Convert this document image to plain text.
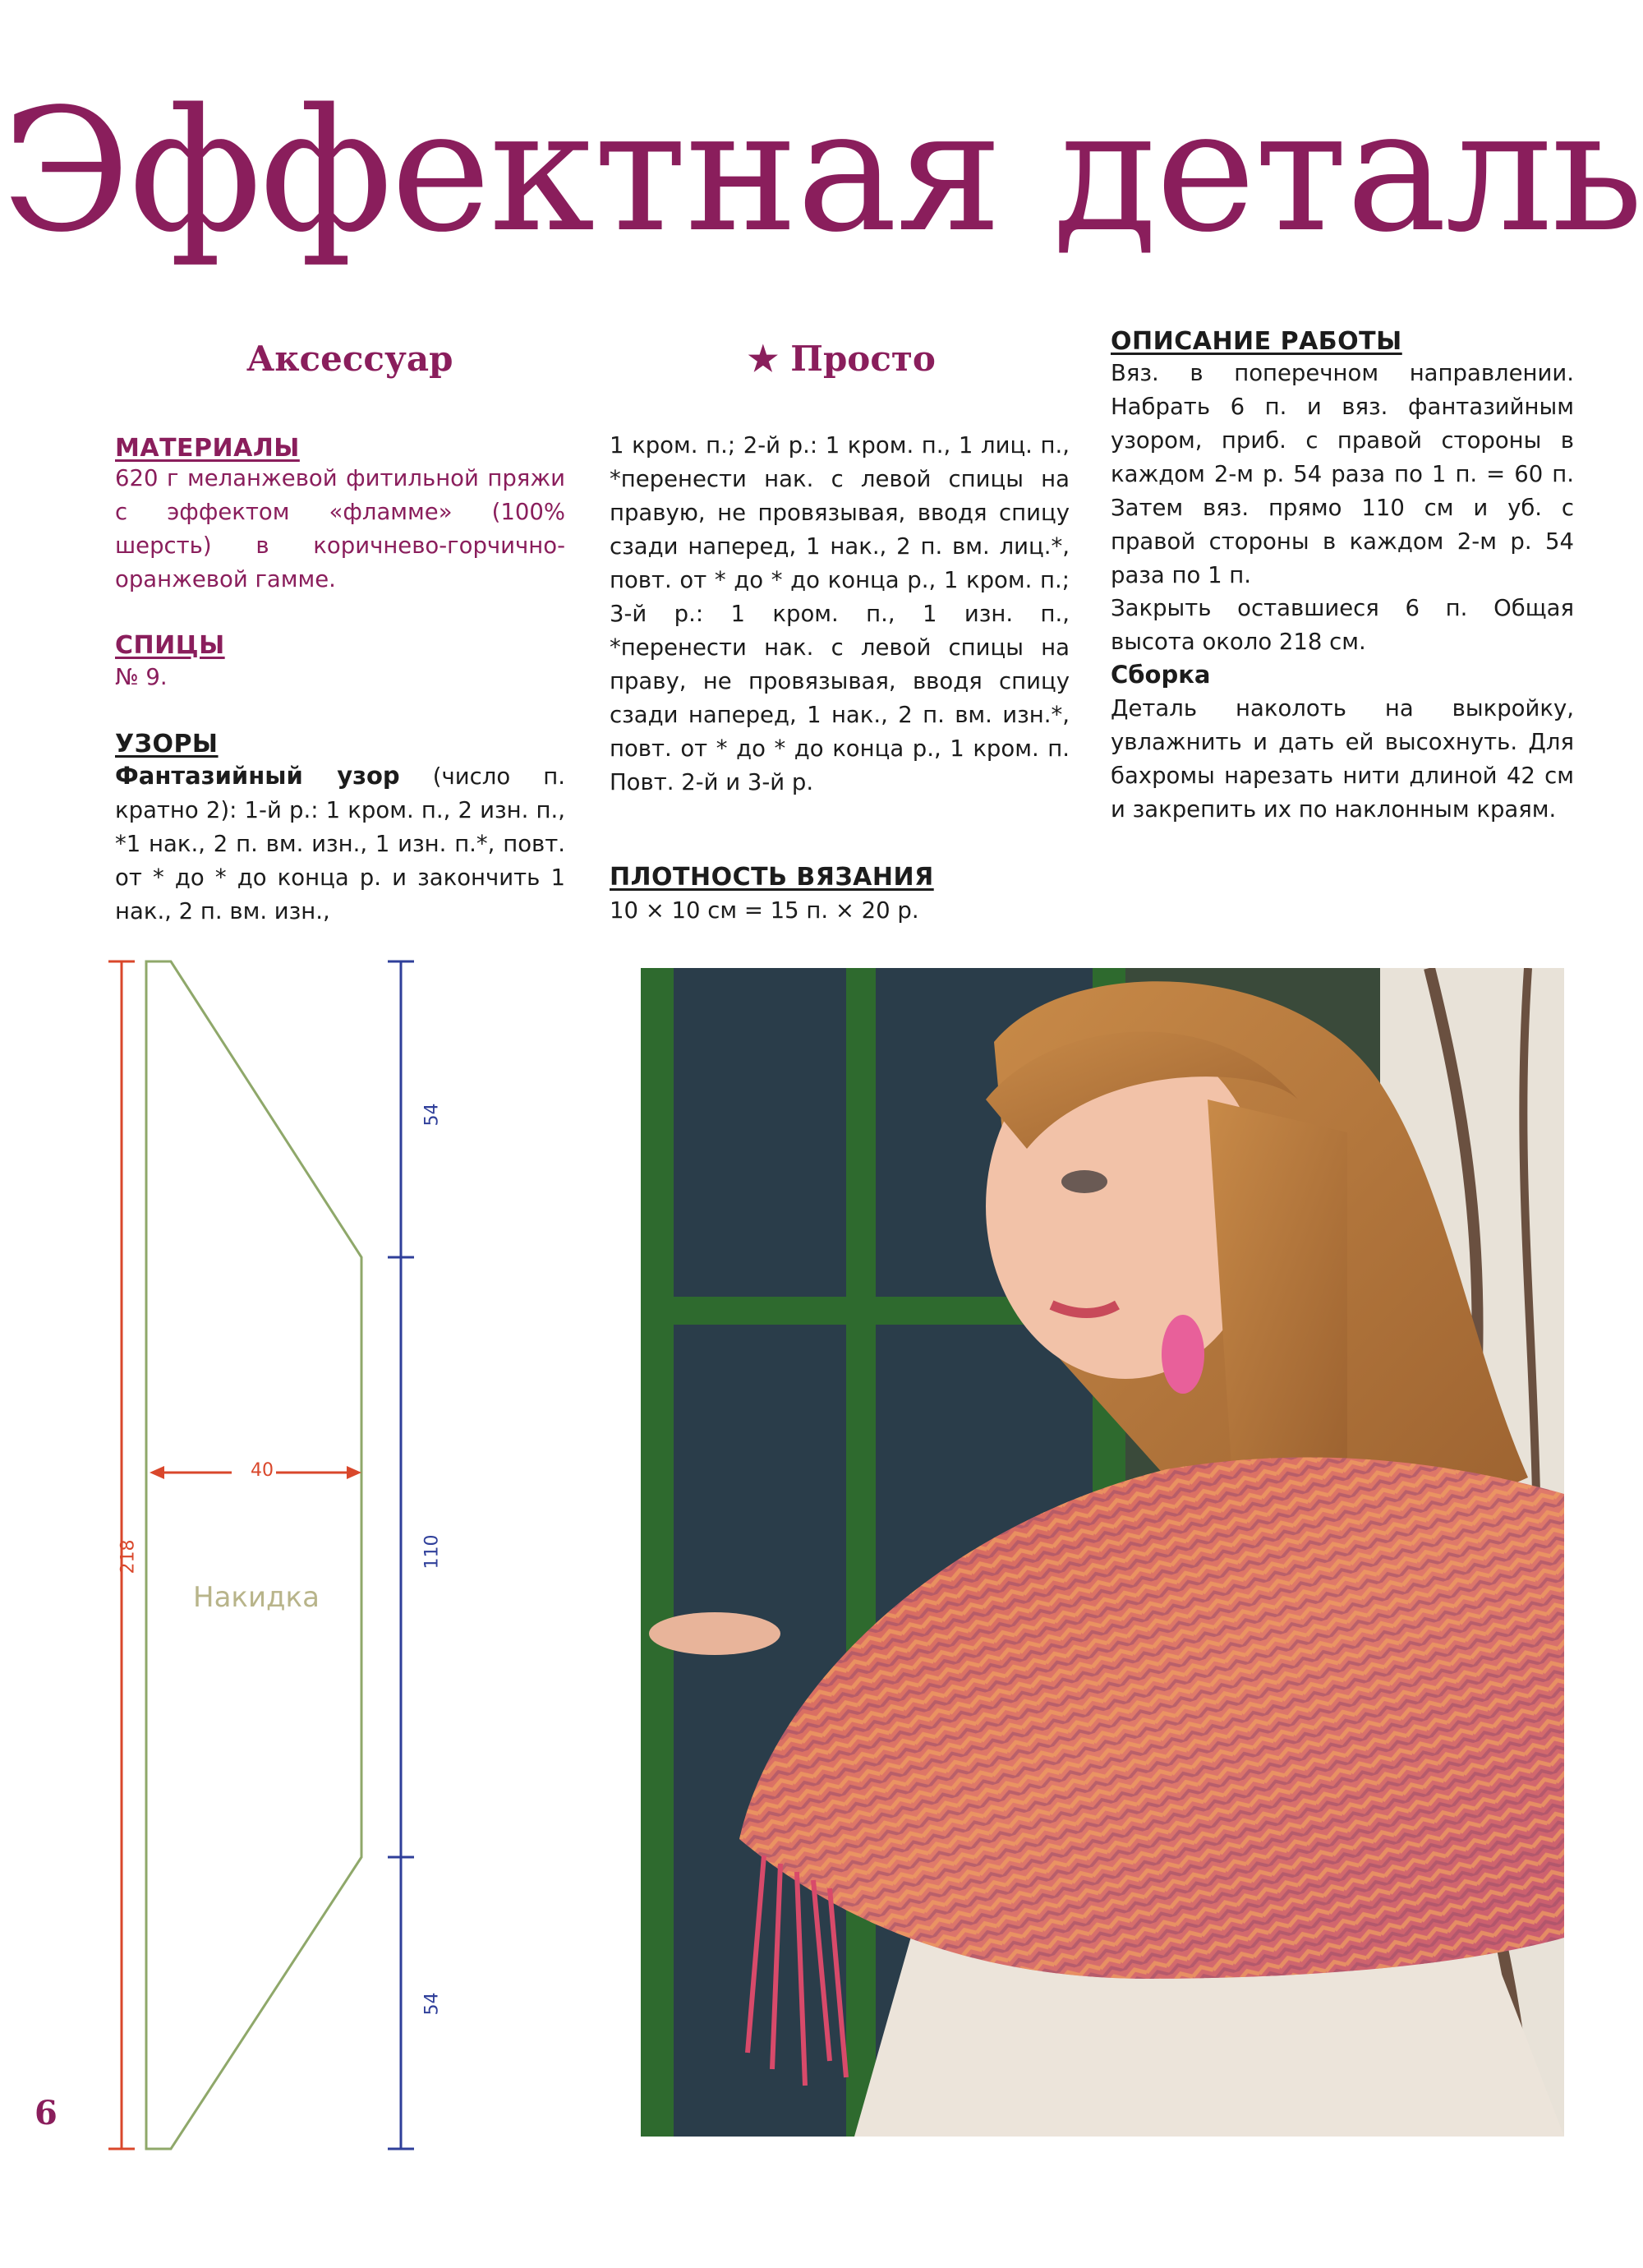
Эффектная деталь
Аксессуар	★ Просто
МАТЕРИАЛЫ
620 г меланжевой фитильной пряжи с эффектом «фламме» (100% шерсть) в коричнево-горчично-оранжевой гамме.
СПИЦЫ
№ 9.
УЗОРЫ
Фантазийный узор (число п. кратно 2): 1-й р.: 1 кром. п., 2 изн. п., *1 нак., 2 п. вм. изн., 1 изн. п.*, повт. от * до * до конца р. и закончить 1 нак., 2 п. вм. изн.,
1 кром. п.; 2-й р.: 1 кром. п., 1 лиц. п., *перенести нак. с левой спицы на правую, не провязывая, вводя спицу сзади наперед, 1 нак., 2 п. вм. лиц.*, повт. от * до * до конца р., 1 кром. п.; 3-й р.: 1 кром. п., 1 изн. п., *перенести нак. с левой спицы на праву, не провязывая, вводя спицу сзади наперед, 1 нак., 2 п. вм. изн.*, повт. от * до * до конца р., 1 кром. п. Повт. 2-й и 3-й р.
ПЛОТНОСТЬ ВЯЗАНИЯ
10 × 10 см = 15 п. × 20 р.
ОПИСАНИЕ РАБОТЫ
Вяз. в поперечном направлении. Набрать 6 п. и вяз. фантазийным узором, приб. с правой стороны в каждом 2-м р. 54 раза по 1 п. = 60 п. Затем вяз. прямо 110 см и уб. с правой стороны в каждом 2-м р. 54 раза по 1 п.
Закрыть оставшиеся 6 п. Общая высота около 218 см.
Сборка
Деталь наколоть на выкройку, увлажнить и дать ей высохнуть. Для бахромы нарезать нити длиной 42 см и закрепить их по наклонным краям.
218
40
54
110
54
Накидка
6
